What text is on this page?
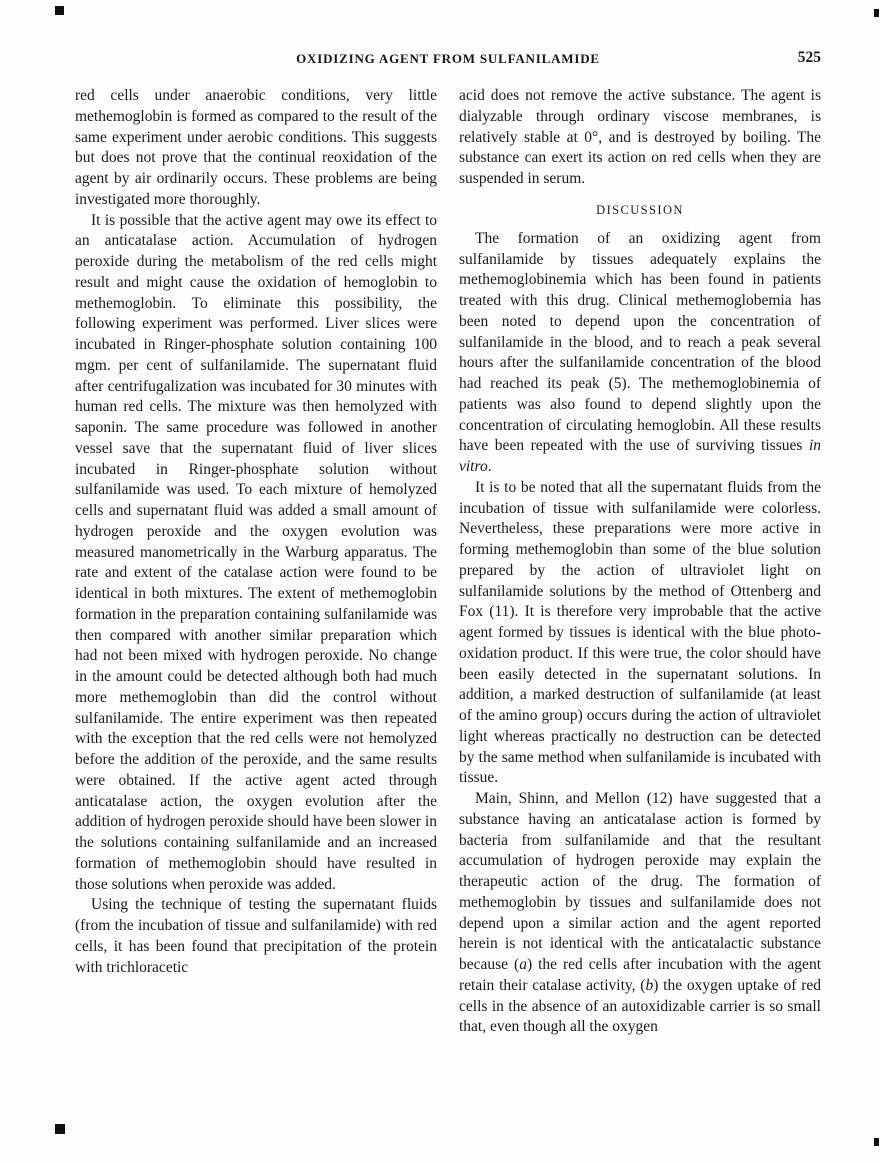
OXIDIZING AGENT FROM SULFANILAMIDE	525

red cells under anaerobic conditions, very little methemoglobin is formed as compared to the result of the same experiment under aerobic conditions. This suggests but does not prove that the continual reoxidation of the agent by air ordinarily occurs. These problems are being investigated more thoroughly.

It is possible that the active agent may owe its effect to an anticatalase action. Accumulation of hydrogen peroxide during the metabolism of the red cells might result and might cause the oxidation of hemoglobin to methemoglobin. To eliminate this possibility, the following experiment was performed. Liver slices were incubated in Ringer-phosphate solution containing 100 mgm. per cent of sulfanilamide. The supernatant fluid after centrifugalization was incubated for 30 minutes with human red cells. The mixture was then hemolyzed with saponin. The same procedure was followed in another vessel save that the supernatant fluid of liver slices incubated in Ringer-phosphate solution without sulfanilamide was used. To each mixture of hemolyzed cells and supernatant fluid was added a small amount of hydrogen peroxide and the oxygen evolution was measured manometrically in the Warburg apparatus. The rate and extent of the catalase action were found to be identical in both mixtures. The extent of methemoglobin formation in the preparation containing sulfanilamide was then compared with another similar preparation which had not been mixed with hydrogen peroxide. No change in the amount could be detected although both had much more methemoglobin than did the control without sulfanilamide. The entire experiment was then repeated with the exception that the red cells were not hemolyzed before the addition of the peroxide, and the same results were obtained. If the active agent acted through anticatalase action, the oxygen evolution after the addition of hydrogen peroxide should have been slower in the solutions containing sulfanilamide and an increased formation of methemoglobin should have resulted in those solutions when peroxide was added.

Using the technique of testing the supernatant fluids (from the incubation of tissue and sulfanilamide) with red cells, it has been found that precipitation of the protein with trichloracetic

acid does not remove the active substance. The agent is dialyzable through ordinary viscose membranes, is relatively stable at 0°, and is destroyed by boiling. The substance can exert its action on red cells when they are suspended in serum.

DISCUSSION

The formation of an oxidizing agent from sulfanilamide by tissues adequately explains the methemoglobinemia which has been found in patients treated with this drug. Clinical methemoglobemia has been noted to depend upon the concentration of sulfanilamide in the blood, and to reach a peak several hours after the sulfanilamide concentration of the blood had reached its peak (5). The methemoglobinemia of patients was also found to depend slightly upon the concentration of circulating hemoglobin. All these results have been repeated with the use of surviving tissues in vitro.

It is to be noted that all the supernatant fluids from the incubation of tissue with sulfanilamide were colorless. Nevertheless, these preparations were more active in forming methemoglobin than some of the blue solution prepared by the action of ultraviolet light on sulfanilamide solutions by the method of Ottenberg and Fox (11). It is therefore very improbable that the active agent formed by tissues is identical with the blue photo-oxidation product. If this were true, the color should have been easily detected in the supernatant solutions. In addition, a marked destruction of sulfanilamide (at least of the amino group) occurs during the action of ultraviolet light whereas practically no destruction can be detected by the same method when sulfanilamide is incubated with tissue.

Main, Shinn, and Mellon (12) have suggested that a substance having an anticatalase action is formed by bacteria from sulfanilamide and that the resultant accumulation of hydrogen peroxide may explain the therapeutic action of the drug. The formation of methemoglobin by tissues and sulfanilamide does not depend upon a similar action and the agent reported herein is not identical with the anticatalactic substance because (a) the red cells after incubation with the agent retain their catalase activity, (b) the oxygen uptake of red cells in the absence of an autoxidizable carrier is so small that, even though all the oxygen
